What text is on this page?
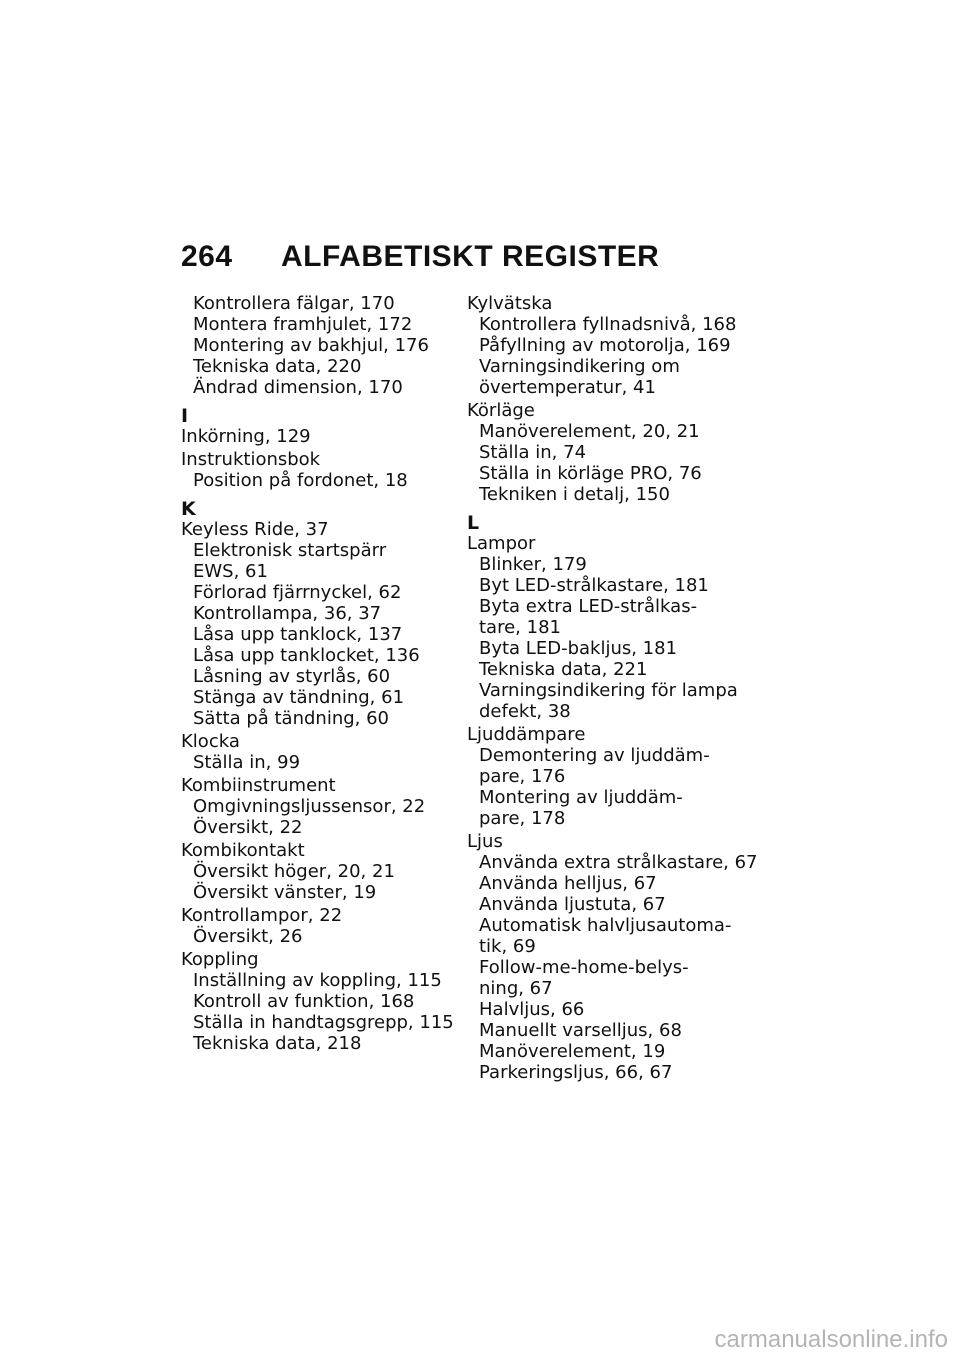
264 ALFABETISKT REGISTER
Kontrollera fälgar, 170
Montera framhjulet, 172
Montering av bakhjul, 176
Tekniska data, 220
Ändrad dimension, 170
I
Inkörning, 129
Instruktionsbok
Position på fordonet, 18
K
Keyless Ride, 37
Elektronisk startspärr
EWS, 61
Förlorad fjärrnyckel, 62
Kontrollampa, 36, 37
Låsa upp tanklock, 137
Låsa upp tanklocket, 136
Låsning av styrlås, 60
Stänga av tändning, 61
Sätta på tändning, 60
Klocka
Ställa in, 99
Kombiinstrument
Omgivningsljussensor, 22
Översikt, 22
Kombikontakt
Översikt höger, 20, 21
Översikt vänster, 19
Kontrollampor, 22
Översikt, 26
Koppling
Inställning av koppling, 115
Kontroll av funktion, 168
Ställa in handtagsgrepp, 115
Tekniska data, 218
Kylvätska
Kontrollera fyllnadsnivå, 168
Påfyllning av motorolja, 169
Varningsindikering om
övertemperatur, 41
Körläge
Manöverelement, 20, 21
Ställa in, 74
Ställa in körläge PRO, 76
Tekniken i detalj, 150
L
Lampor
Blinker, 179
Byt LED-strålkastare, 181
Byta extra LED-strålkas-
tare, 181
Byta LED-bakljus, 181
Tekniska data, 221
Varningsindikering för lampa
defekt, 38
Ljuddämpare
Demontering av ljuddäm-
pare, 176
Montering av ljuddäm-
pare, 178
Ljus
Använda extra strålkastare, 67
Använda helljus, 67
Använda ljustuta, 67
Automatisk halvljusautoma-
tik, 69
Follow-me-home-belys-
ning, 67
Halvljus, 66
Manuellt varselljus, 68
Manöverelement, 19
Parkeringsljus, 66, 67
carmanualsonline.info
